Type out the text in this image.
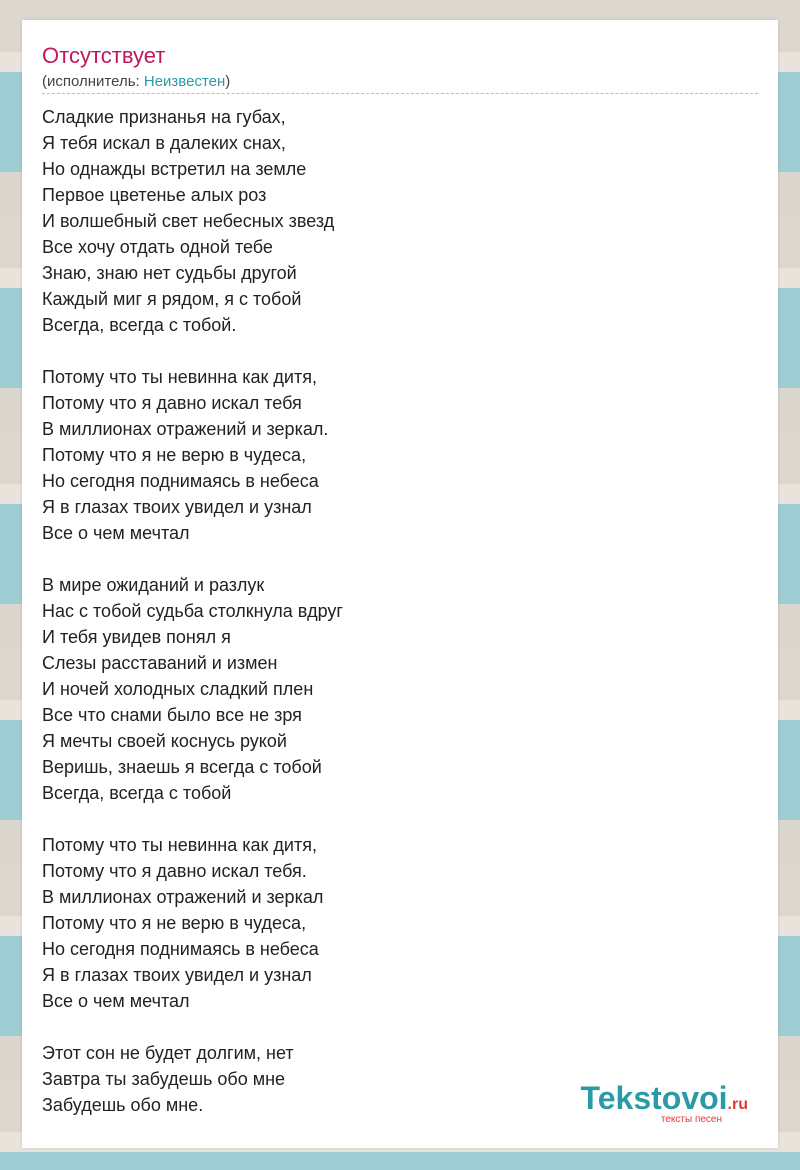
Отсутствует
(исполнитель: Неизвестен)
Сладкие признанья на губах,
Я тебя искал в далеких снах,
Но однажды встретил на земле
Первое цветенье алых роз
И волшебный свет небесных звезд
Все хочу отдать одной тебе
Знаю, знаю нет судьбы другой
Каждый миг я рядом, я с тобой
Всегда, всегда с тобой.
Потому что ты невинна как дитя,
Потому что я давно искал тебя
В миллионах отражений и зеркал.
Потому что я не верю в чудеса,
Но сегодня поднимаясь в небеса
Я в глазах твоих увидел и узнал
Все о чем мечтал
В мире ожиданий и разлук
Нас с тобой судьба столкнула вдруг
И тебя увидев понял я
Слезы расставаний и измен
И ночей холодных сладкий плен
Все что снами было все не зря
Я мечты своей коснусь рукой
Веришь, знаешь я всегда с тобой
Всегда, всегда с тобой
Потому что ты невинна как дитя,
Потому что я давно искал тебя.
В миллионах отражений и зеркал
Потому что я не верю в чудеса,
Но сегодня поднимаясь в небеса
Я в глазах твоих увидел и узнал
Все о чем мечтал
Этот сон не будет долгим, нет
Завтра ты забудешь обо мне
Забудешь обо мне.	Tekstovoi.ru
тексты песен
